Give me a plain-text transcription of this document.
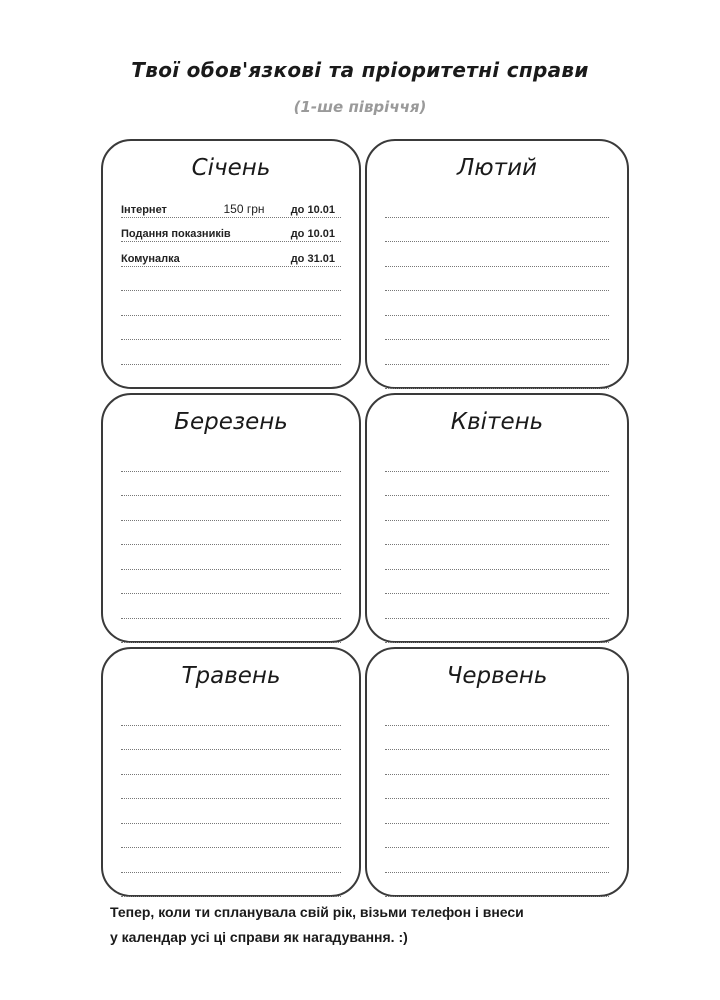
Твої обов'язкові та пріоритетні справи
(1-ше півріччя)
Січень
Інтернет	150 грн	до 10.01
Подання показників	до 10.01
Комуналка	до 31.01
Лютий
Березень	Квітень
Травень	Червень
Тепер, коли ти спланувала свій рік, візьми телефон і внеси
у календар усі ці справи як нагадування. :)
